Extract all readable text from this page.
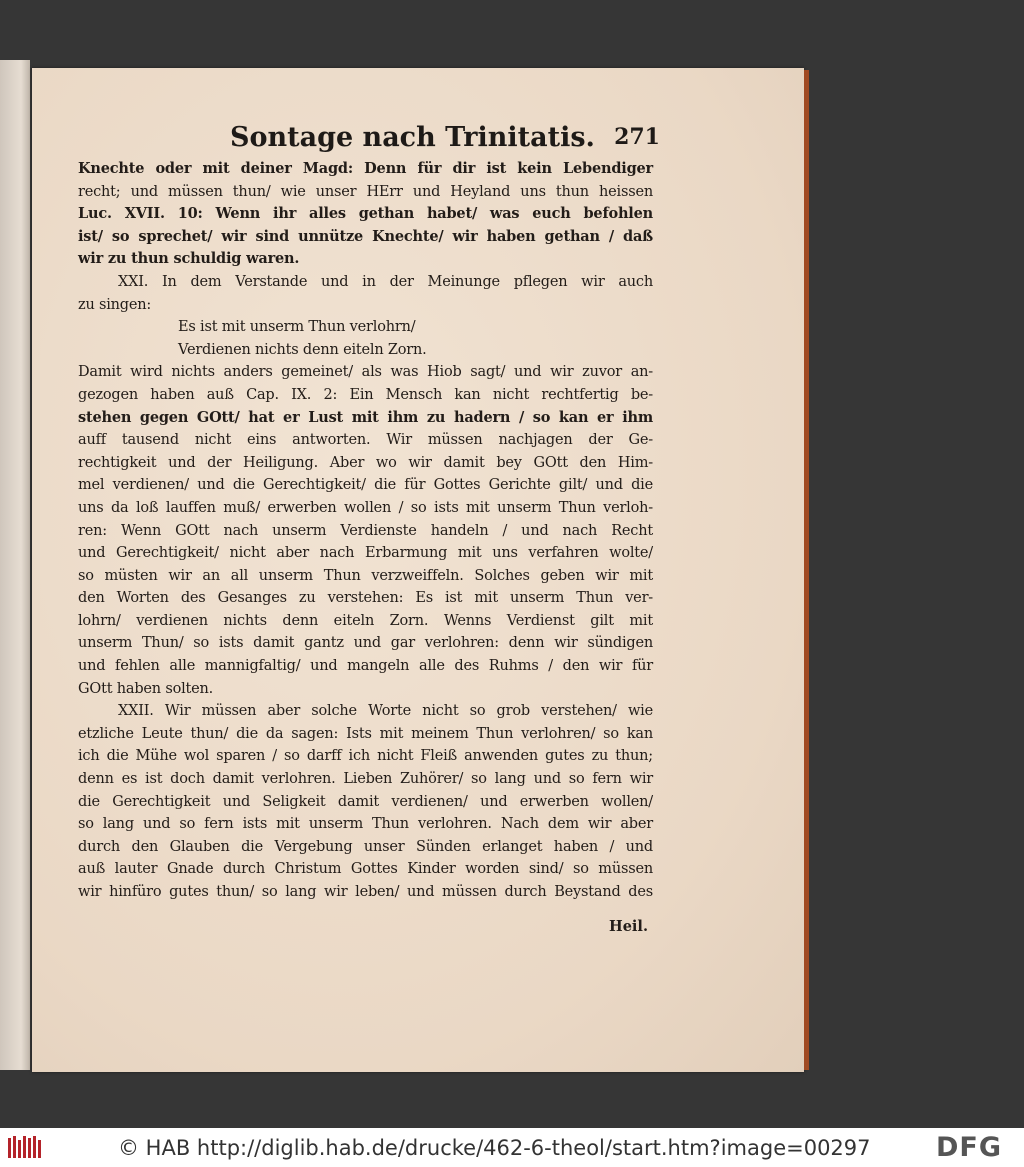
Sontage nach Trinitatis. 271
Knechte oder mit deiner Magd: Denn für dir ist kein Lebendiger
recht; und müssen thun/ wie unser HErr und Heyland uns thun heissen
Luc. XVII. 10: Wenn ihr alles gethan habet/ was euch befohlen
ist/ so sprechet/ wir sind unnütze Knechte/ wir haben gethan / daß
wir zu thun schuldig waren.
XXI. In dem Verstande und in der Meinunge pflegen wir auch
zu singen:
Es ist mit unserm Thun verlohrn/
Verdienen nichts denn eiteln Zorn.
Damit wird nichts anders gemeinet/ als was Hiob sagt/ und wir zuvor an-
gezogen haben auß Cap. IX. 2: Ein Mensch kan nicht rechtfertig be-
stehen gegen GOtt/ hat er Lust mit ihm zu hadern / so kan er ihm
auff tausend nicht eins antworten. Wir müssen nachjagen der Ge-
rechtigkeit und der Heiligung. Aber wo wir damit bey GOtt den Him-
mel verdienen/ und die Gerechtigkeit/ die für Gottes Gerichte gilt/ und die
uns da loß lauffen muß/ erwerben wollen / so ists mit unserm Thun verloh-
ren: Wenn GOtt nach unserm Verdienste handeln / und nach Recht
und Gerechtigkeit/ nicht aber nach Erbarmung mit uns verfahren wolte/
so müsten wir an all unserm Thun verzweiffeln. Solches geben wir mit
den Worten des Gesanges zu verstehen: Es ist mit unserm Thun ver-
lohrn/ verdienen nichts denn eiteln Zorn. Wenns Verdienst gilt mit
unserm Thun/ so ists damit gantz und gar verlohren: denn wir sündigen
und fehlen alle mannigfaltig/ und mangeln alle des Ruhms / den wir für
GOtt haben solten.
XXII. Wir müssen aber solche Worte nicht so grob verstehen/ wie
etzliche Leute thun/ die da sagen: Ists mit meinem Thun verlohren/ so kan
ich die Mühe wol sparen / so darff ich nicht Fleiß anwenden gutes zu thun;
denn es ist doch damit verlohren. Lieben Zuhörer/ so lang und so fern wir
die Gerechtigkeit und Seligkeit damit verdienen/ und erwerben wollen/
so lang und so fern ists mit unserm Thun verlohren. Nach dem wir aber
durch den Glauben die Vergebung unser Sünden erlanget haben / und
auß lauter Gnade durch Christum Gottes Kinder worden sind/ so müssen
wir hinfüro gutes thun/ so lang wir leben/ und müssen durch Beystand des
Heil.
© HAB http://diglib.hab.de/drucke/462-6-theol/start.htm?image=00297 DFG
